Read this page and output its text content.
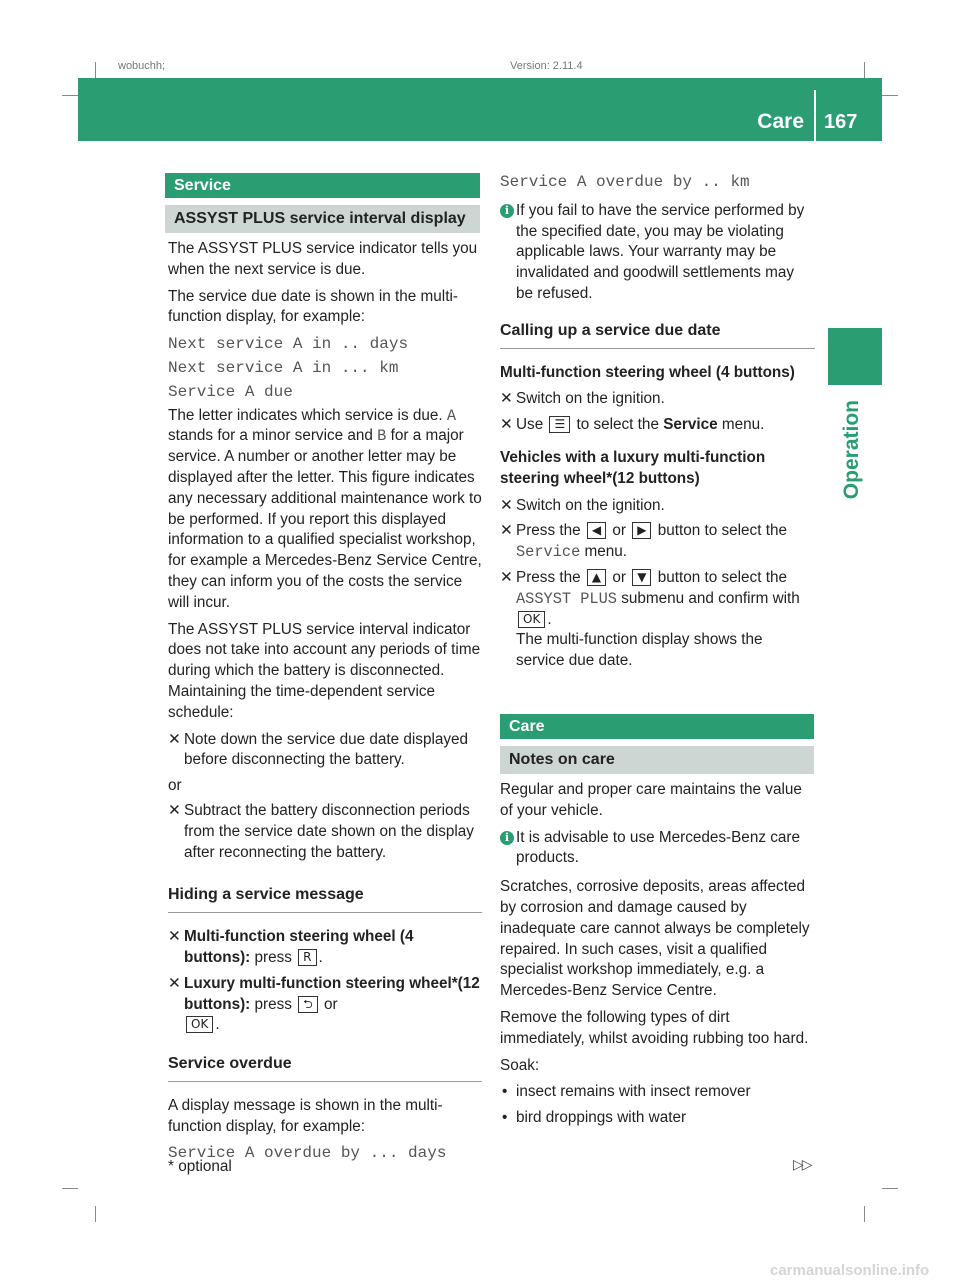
wobuchh;	Version: 2.11.4
Care 167
Operation
Service
ASSYST PLUS service interval display

The ASSYST PLUS service indicator tells you when the next service is due.

The service due date is shown in the multi-function display, for example:

Next service A in .. days

Next service A in ... km

Service A due

The letter indicates which service is due. A stands for a minor service and B for a major service. A number or another letter may be displayed after the letter. This figure indicates any necessary additional maintenance work to be performed. If you report this displayed information to a qualified specialist workshop, for example a Mercedes-Benz Service Centre, they can inform you of the costs the service will incur.

The ASSYST PLUS service interval indicator does not take into account any periods of time during which the battery is disconnected. Maintaining the time-dependent service schedule:

✕ Note down the service due date displayed before disconnecting the battery.

or

✕ Subtract the battery disconnection periods from the service date shown on the display after reconnecting the battery.

Hiding a service message

✕ Multi-function steering wheel (4 buttons): press R .
✕ Luxury multi-function steering wheel*(12 buttons): press ⮌ or
OK .

Service overdue

A display message is shown in the multi-function display, for example:

Service A overdue by ... days

Service A overdue by .. km

i If you fail to have the service performed by the specified date, you may be violating applicable laws. Your warranty may be invalidated and goodwill settlements may be refused.

Calling up a service due date

Multi-function steering wheel (4 buttons)

✕ Switch on the ignition.
✕ Use ☰ to select the Service menu.

Vehicles with a luxury multi-function steering wheel*(12 buttons)

✕ Switch on the ignition.
✕ Press the ◀ or ▶ button to select the
Service menu.
✕ Press the ▲ or ▼ button to select the
ASSYST PLUS submenu and confirm with
OK .
The multi-function display shows the service due date.
Care
Notes on care

Regular and proper care maintains the value of your vehicle.

i It is advisable to use Mercedes-Benz care products.

Scratches, corrosive deposits, areas affected by corrosion and damage caused by inadequate care cannot always be completely repaired. In such cases, visit a qualified specialist workshop immediately, e.g. a Mercedes-Benz Service Centre.

Remove the following types of dirt immediately, whilst avoiding rubbing too hard.

Soak:

• insect remains with insect remover
• bird droppings with water
* optional	▷▷
carmanualsonline.info
